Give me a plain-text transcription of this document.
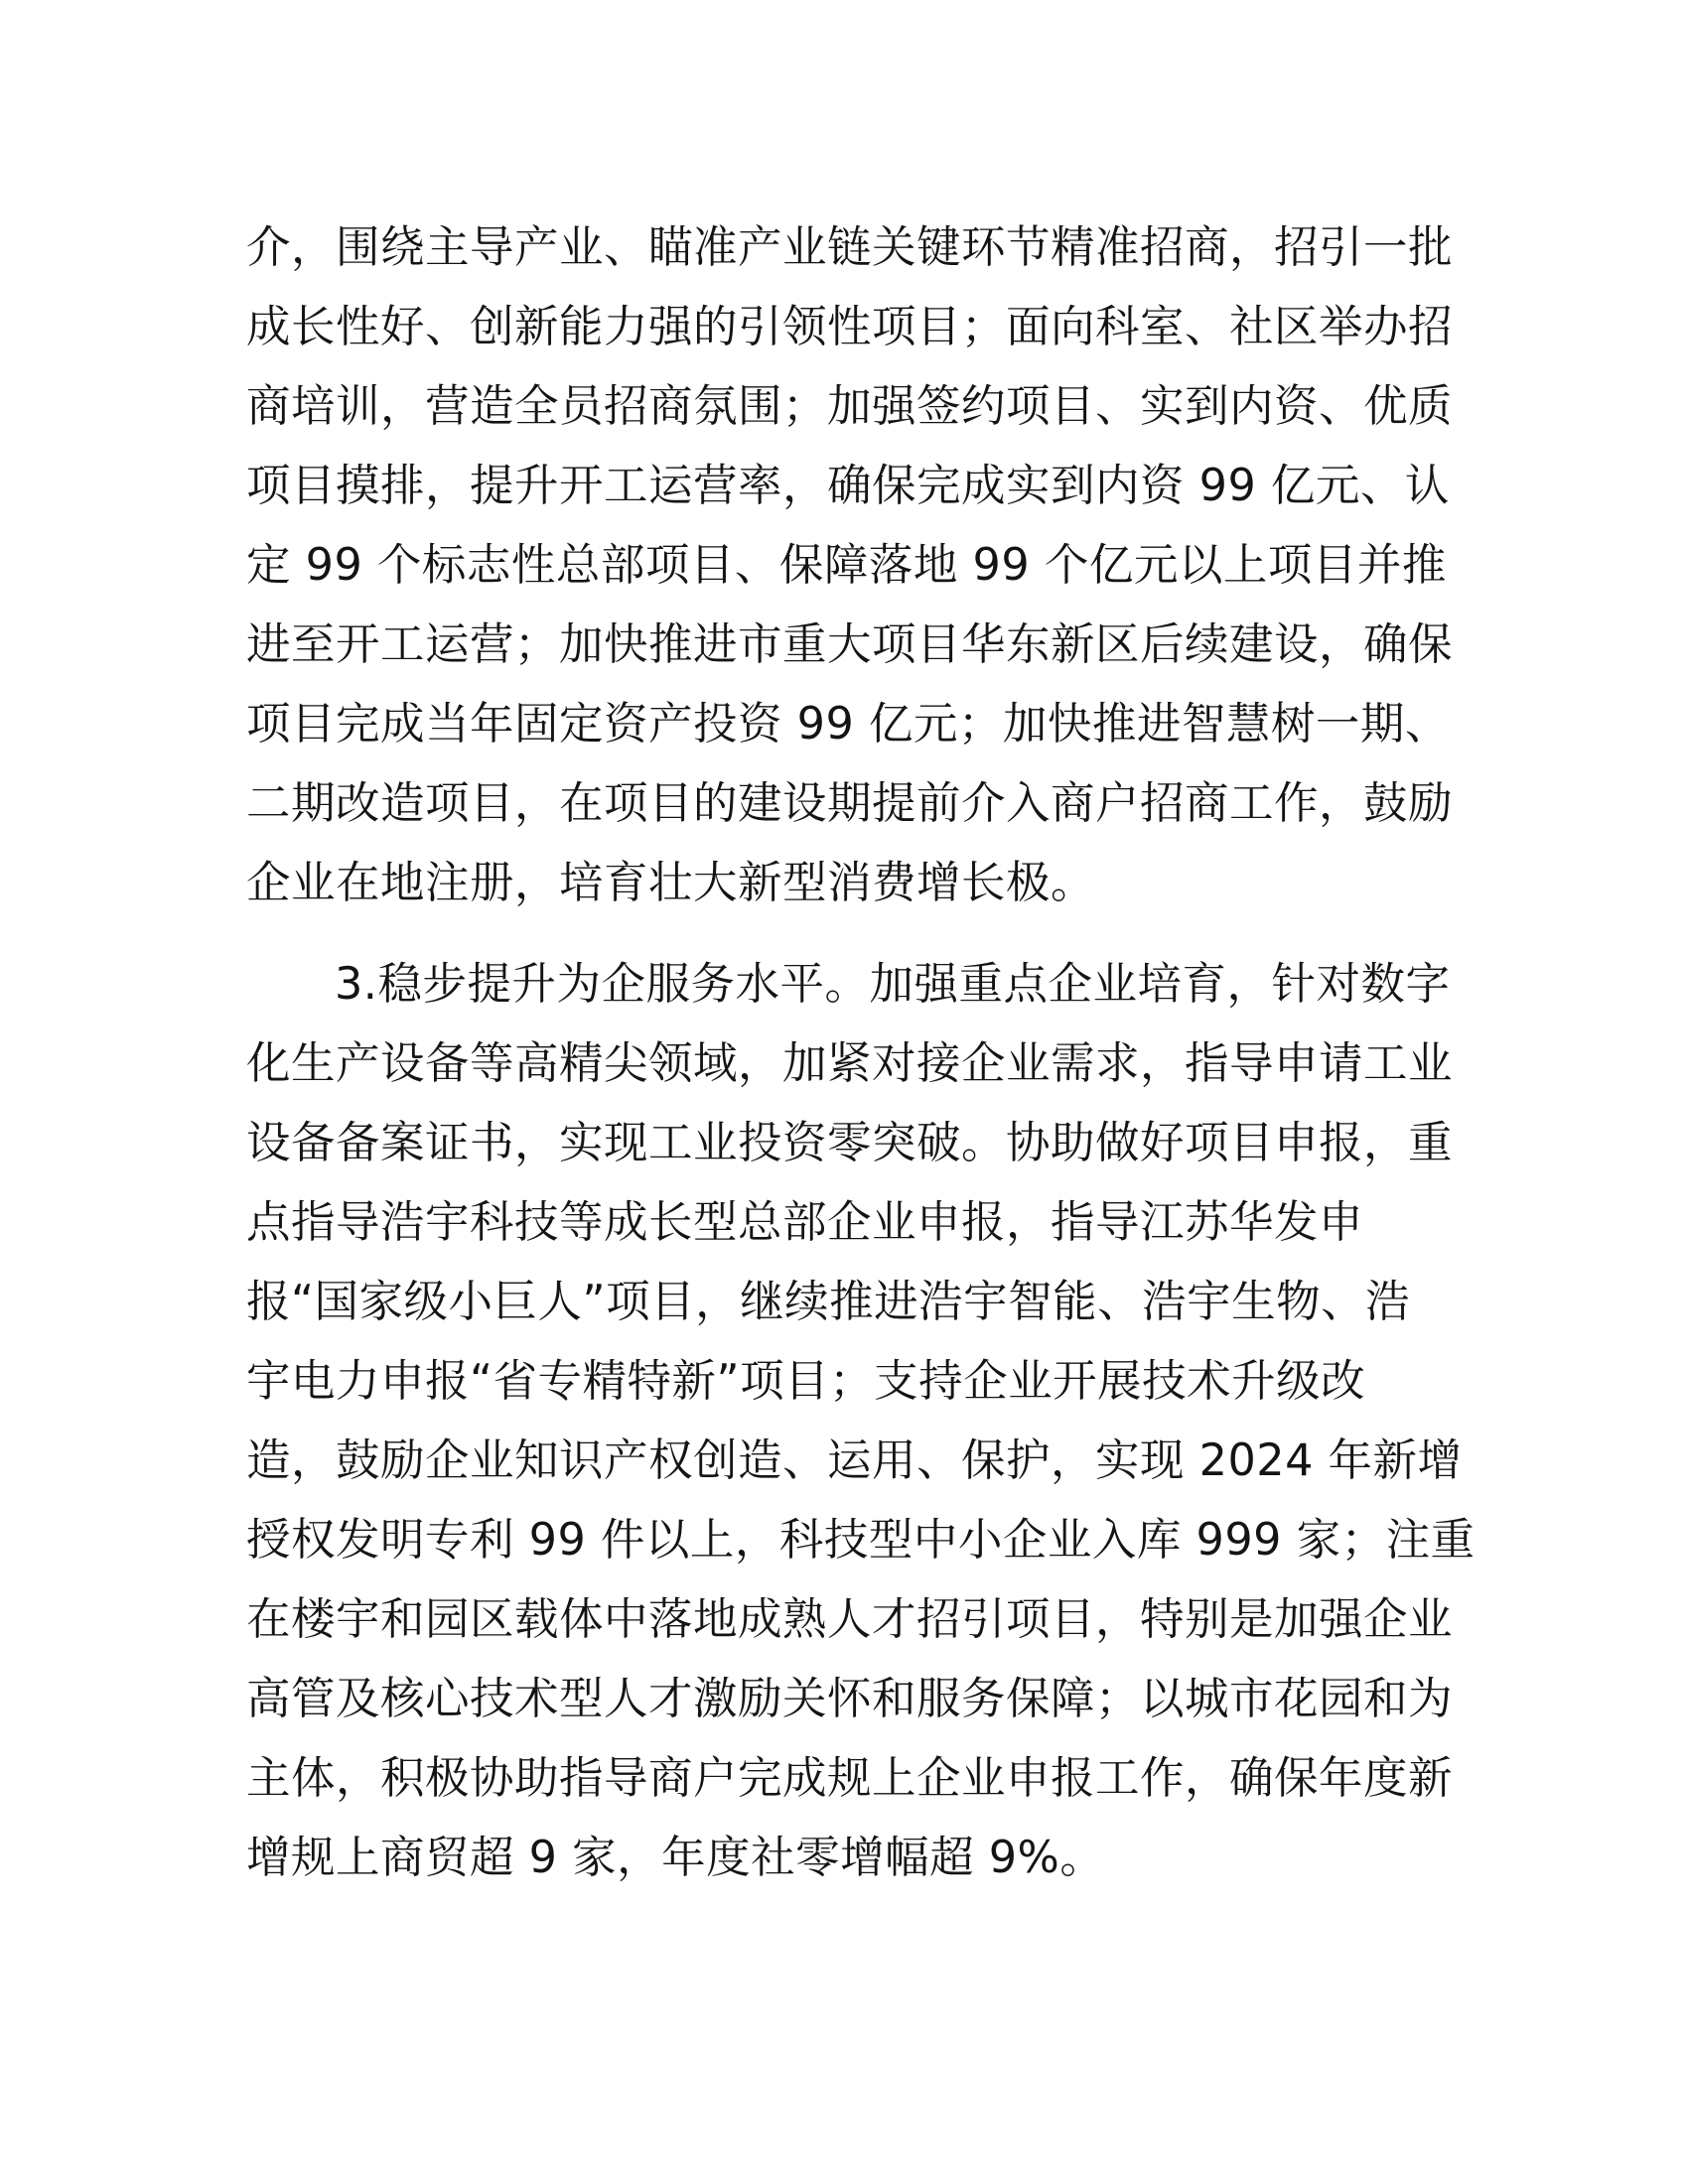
介，围绕主导产业、瞄准产业链关键环节精准招商，招引一批
成长性好、创新能力强的引领性项目；面向科室、社区举办招
商培训，营造全员招商氛围；加强签约项目、实到内资、优质
项目摸排，提升开工运营率，确保完成实到内资 99 亿元、认
定 99 个标志性总部项目、保障落地 99 个亿元以上项目并推
进至开工运营；加快推进市重大项目华东新区后续建设，确保
项目完成当年固定资产投资 99 亿元；加快推进智慧树一期、
二期改造项目，在项目的建设期提前介入商户招商工作，鼓励
企业在地注册，培育壮大新型消费增长极。
3.稳步提升为企服务水平。加强重点企业培育，针对数字
化生产设备等高精尖领域，加紧对接企业需求，指导申请工业
设备备案证书，实现工业投资零突破。协助做好项目申报，重
点指导浩宇科技等成长型总部企业申报，指导江苏华发申
报“国家级小巨人”项目，继续推进浩宇智能、浩宇生物、浩
宇电力申报“省专精特新”项目；支持企业开展技术升级改
造，鼓励企业知识产权创造、运用、保护，实现 2024 年新增
授权发明专利 99 件以上，科技型中小企业入库 999 家；注重
在楼宇和园区载体中落地成熟人才招引项目，特别是加强企业
高管及核心技术型人才激励关怀和服务保障；以城市花园和为
主体，积极协助指导商户完成规上企业申报工作，确保年度新
增规上商贸超 9 家，年度社零增幅超 9%。
